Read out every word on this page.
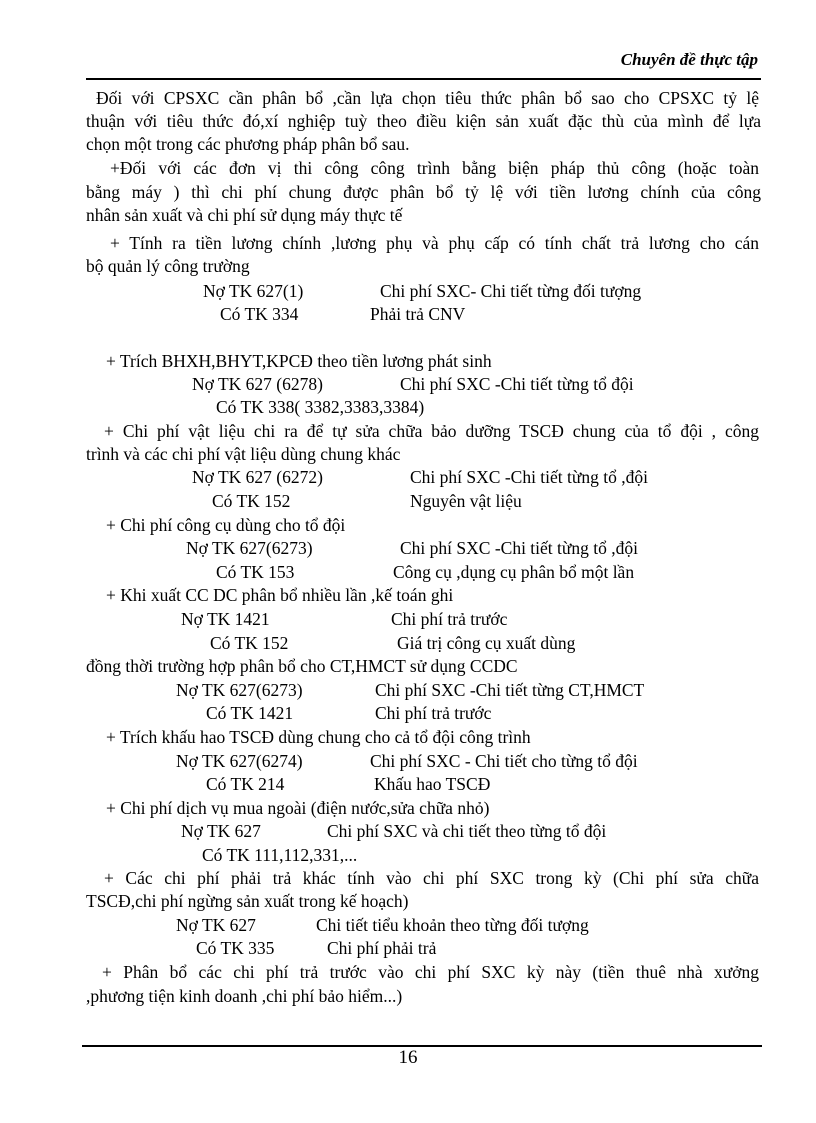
Chuyên đề thực tập
Đối với CPSXC cần phân bổ ,cần lựa chọn tiêu thức phân bổ sao cho CPSXC tỷ lệ
thuận với tiêu thức đó,xí nghiệp tuỳ theo điều kiện sản xuất đặc thù của mình để lựa
chọn một trong các phương pháp phân bổ sau.
+Đối với các đơn vị thi công công trình bằng biện pháp thủ công (hoặc toàn
bằng máy ) thì chi phí chung được phân bổ tỷ lệ với tiền lương chính của công
nhân sản xuất và chi phí sử dụng máy thực tế
+ Tính ra tiền lương chính ,lương phụ và phụ cấp có tính chất trả lương cho cán
bộ quản lý công trường
Nợ TK 627(1)	Chi phí SXC- Chi tiết từng đối tượng
Có TK 334	Phải trả CNV
+ Trích BHXH,BHYT,KPCĐ theo tiền lương phát sinh
Nợ TK 627 (6278)	Chi phí SXC -Chi tiết từng tổ đội
Có TK 338( 3382,3383,3384)
+ Chi phí vật liệu chi ra để tự sửa chữa bảo dưỡng TSCĐ chung của tổ đội , công
trình và các chi phí vật liệu dùng chung khác
Nợ TK 627 (6272)	Chi phí SXC -Chi tiết từng tổ ,đội
Có TK 152	Nguyên vật liệu
+ Chi phí công cụ dùng cho tổ đội
Nợ TK 627(6273)	Chi phí SXC -Chi tiết từng tổ ,đội
Có TK 153	Công cụ ,dụng cụ phân bổ một lần
+ Khi xuất CC DC phân bổ nhiều lần ,kế toán ghi
Nợ TK 1421	Chi phí trả trước
Có TK 152	Giá trị công cụ xuất dùng
đồng thời trường hợp phân bổ cho CT,HMCT sử dụng CCDC
Nợ TK 627(6273)	Chi phí SXC -Chi tiết từng CT,HMCT
Có TK 1421	Chi phí trả trước
+ Trích khấu hao TSCĐ dùng chung cho cả tổ đội công trình
Nợ TK 627(6274)	Chi phí SXC - Chi tiết cho từng tổ đội
Có TK 214	Khấu hao TSCĐ
+ Chi phí dịch vụ mua ngoài (điện nước,sửa chữa nhỏ)
Nợ TK 627	Chi phí SXC và chi tiết theo từng tổ đội
Có TK 111,112,331,...
+ Các chi phí phải trả khác tính vào chi phí SXC trong kỳ (Chi phí sửa chữa
TSCĐ,chi phí ngừng sản xuất trong kế hoạch)
Nợ TK 627	Chi tiết tiểu khoản theo từng đối tượng
Có TK 335	Chi phí phải trả
+ Phân bổ các chi phí trả trước vào chi phí SXC kỳ này (tiền thuê nhà xưởng
,phương tiện kinh doanh ,chi phí bảo hiểm...)
16
